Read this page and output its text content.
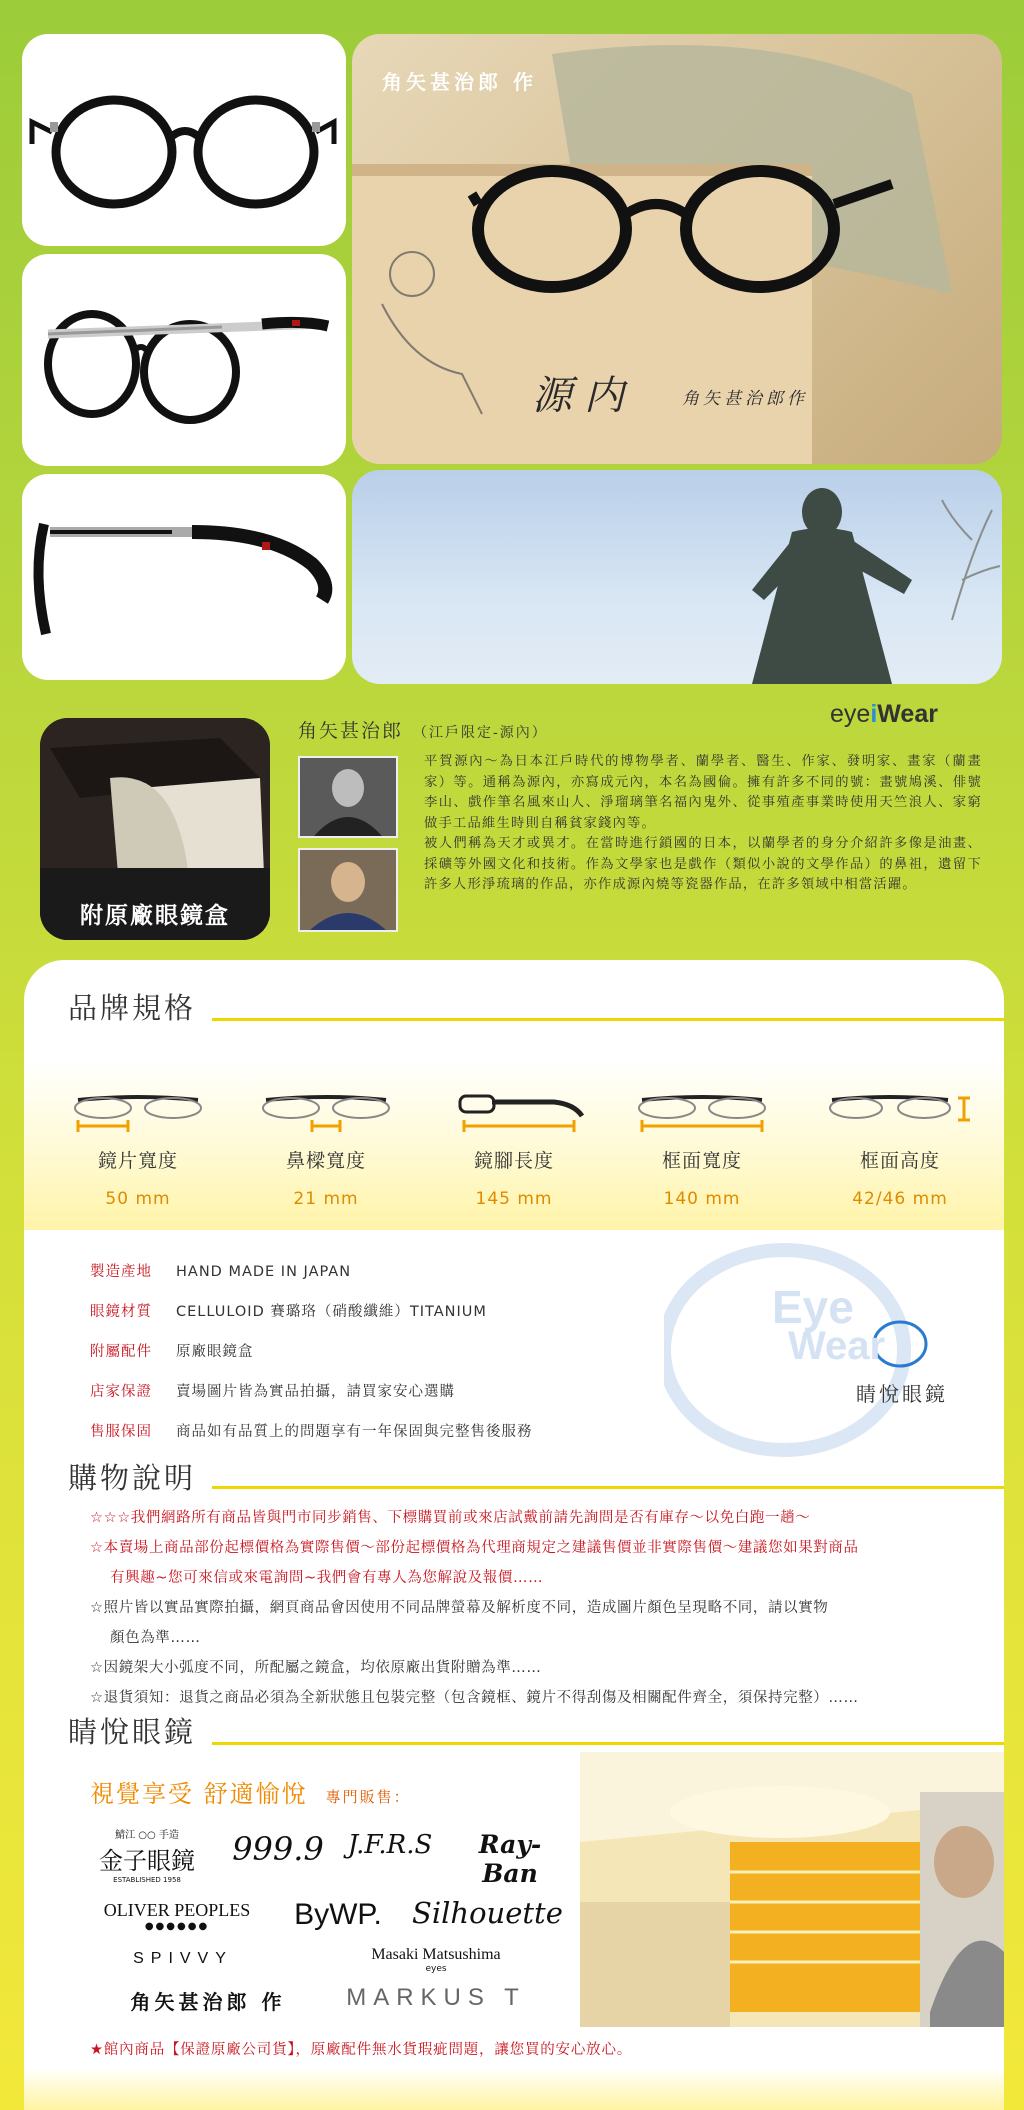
角矢甚治郎 作
源内	角矢甚治郎作
附原廠眼鏡盒
角矢甚治郎 （江戶限定-源內）
eyeiWear

平賀源內～為日本江戶時代的博物學者、蘭學者、醫生、作家、發明家、畫家（蘭畫家）等。通稱為源內，亦寫成元內，本名為國倫。擁有許多不同的號：畫號鳩溪、俳號李山、戲作筆名風來山人、淨瑠璃筆名福內鬼外、從事殖產事業時使用天竺浪人、家窮做手工品維生時則自稱貧家錢內等。

被人們稱為天才或異才。在當時進行鎖國的日本，以蘭學者的身分介紹許多像是油畫、採礦等外國文化和技術。作為文學家也是戲作（類似小說的文學作品）的鼻祖，遺留下許多人形淨琉璃的作品，亦作成源內燒等瓷器作品，在許多領域中相當活躍。

品牌規格
鏡片寬度
50 mm
鼻樑寬度
21 mm
鏡腳長度
145 mm
框面寬度
140 mm
框面高度
42/46 mm
Eye
Wear
睛悅眼鏡
製造產地 HAND MADE IN JAPAN
眼鏡材質 CELLULOID 賽璐珞（硝酸纖維）TITANIUM
附屬配件 原廠眼鏡盒
店家保證 賣場圖片皆為實品拍攝，請買家安心選購
售服保固 商品如有品質上的問題享有一年保固與完整售後服務
購物說明
☆☆☆我們網路所有商品皆與門市同步銷售、下標購買前或來店試戴前請先詢問是否有庫存～以免白跑一趟～
☆本賣場上商品部份起標價格為實際售價～部份起標價格為代理商規定之建議售價並非實際售價～建議您如果對商品
有興趣~您可來信或來電詢問~我們會有專人為您解說及報價……
☆照片皆以實品實際拍攝，網頁商品會因使用不同品牌螢幕及解析度不同，造成圖片顏色呈現略不同，請以實物
顏色為準……
☆因鏡架大小弧度不同，所配屬之鏡盒，均依原廠出貨附贈為準……
☆退貨須知：退貨之商品必須為全新狀態且包裝完整（包含鏡框、鏡片不得刮傷及相關配件齊全，須保持完整）……
睛悅眼鏡
視覺享受 舒適愉悅 專門販售：
鯖江 ○○ 手造
金子眼鏡
ESTABLISHED 1958
999.9 J.F.R.S	Ray-Ban
OLIVER PEOPLES
●●●●●●	ByWP. Silhouette
SPIVVY	Masaki Matsushima
eyes
角矢甚治郎 作	MARKUS T
★館內商品【保證原廠公司貨】，原廠配件無水貨瑕疵問題，讓您買的安心放心。
